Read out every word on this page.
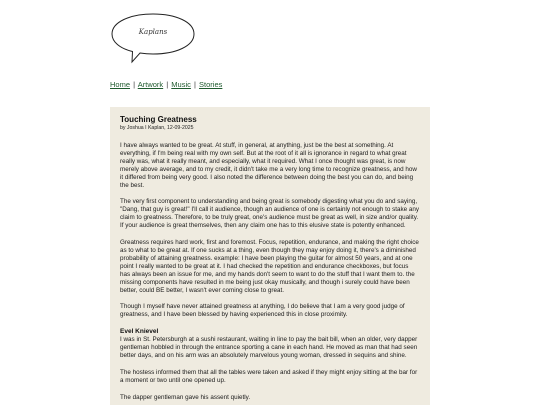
Kaplans
Home | Artwork | Music | Stories
Touching Greatness

by Joshua I Kaplan, 12-09-2025

I have always wanted to be great. At stuff, in general, at anything, just be the best at something. At everything, if I'm being real with my own self. But at the root of it all is ignorance in regard to what great really was, what it really meant, and especially, what it required. What I once thought was great, is now merely above average, and to my credit, it didn't take me a very long time to recognize greatness, and how it differed from being very good. I also noted the difference between doing the best you can do, and being the best.

The very first component to understanding and being great is somebody digesting what you do and saying, "Dang, that guy is great!" I'll call it audience, though an audience of one is certainly not enough to stake any claim to greatness. Therefore, to be truly great, one's audience must be great as well, in size and/or quality. If your audience is great themselves, then any claim one has to this elusive state is potently enhanced.

Greatness requires hard work, first and foremost. Focus, repetition, endurance, and making the right choice as to what to be great at. If one sucks at a thing, even though they may enjoy doing it, there's a diminished probability of attaining greatness. example: I have been playing the guitar for almost 50 years, and at one point I really wanted to be great at it. I had checked the repetition and endurance checkboxes, but focus has always been an issue for me, and my hands don't seem to want to do the stuff that I want them to. the missing components have resulted in me being just okay musically, and though i surely could have been better, could BE better, I wasn't ever coming close to great.

Though I myself have never attained greatness at anything, I do believe that I am a very good judge of greatness, and I have been blessed by having experienced this in close proximity.

Evel Knievel

I was in St. Petersburgh at a sushi restaurant, waiting in line to pay the bait bill, when an older, very dapper gentleman hobbled in through the entrance sporting a cane in each hand. He moved as man that had seen better days, and on his arm was an absolutely marvelous young woman, dressed in sequins and shine.

The hostess informed them that all the tables were taken and asked if they might enjoy sitting at the bar for a moment or two until one opened up.

The dapper gentleman gave his assent quietly.
